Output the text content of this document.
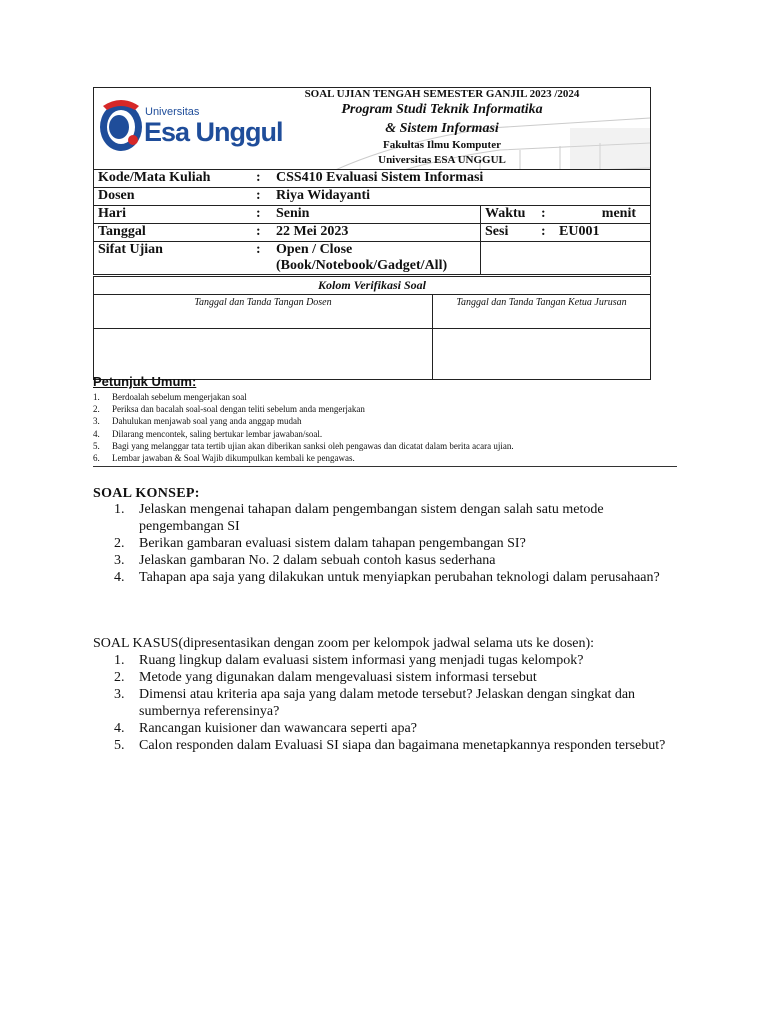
Universitas
Esa Unggul
SOAL UJIAN TENGAH SEMESTER GANJIL 2023 /2024
Program Studi Teknik Informatika
& Sistem Informasi
Fakultas Ilmu Komputer
Universitas ESA UNGGUL
Kode/Mata Kuliah	:	CSS410 Evaluasi Sistem Informasi	
Dosen	:	Riya Widayanti	
Hari	:	Senin	Waktu : menit

Tanggal	:	22 Mei 2023	Sesi : EU001

Sifat Ujian	:	Open / Close
(Book/Notebook/Gadget/All)	

Kolom Verifikasi Soal	
Tanggal dan Tanda Tangan Dosen	Tanggal dan Tanda Tangan Ketua Jurusan

Petunjuk Umum:
1. Berdoalah sebelum mengerjakan soal
2. Periksa dan bacalah soal-soal dengan teliti sebelum anda mengerjakan
3. Dahulukan menjawab soal yang anda anggap mudah
4. Dilarang mencontek, saling bertukar lembar jawaban/soal.
5. Bagi yang melanggar tata tertib ujian akan diberikan sanksi oleh pengawas dan dicatat dalam berita acara ujian.
6. Lembar jawaban & Soal Wajib dikumpulkan kembali ke pengawas.
SOAL KONSEP:
1. Jelaskan mengenai tahapan dalam pengembangan sistem dengan salah satu metode pengembangan SI
2. Berikan gambaran evaluasi sistem dalam tahapan pengembangan SI?
3. Jelaskan gambaran No. 2 dalam sebuah contoh kasus sederhana
4. Tahapan apa saja yang dilakukan untuk menyiapkan perubahan teknologi dalam perusahaan?
SOAL KASUS(dipresentasikan dengan zoom per kelompok jadwal selama uts ke dosen):
1. Ruang lingkup dalam evaluasi sistem informasi yang menjadi tugas kelompok?
2. Metode yang digunakan dalam mengevaluasi sistem informasi tersebut
3. Dimensi atau kriteria apa saja yang dalam metode tersebut? Jelaskan dengan singkat dan sumbernya referensinya?
4. Rancangan kuisioner dan wawancara seperti apa?
5. Calon responden dalam Evaluasi SI siapa dan bagaimana menetapkannya responden tersebut?
